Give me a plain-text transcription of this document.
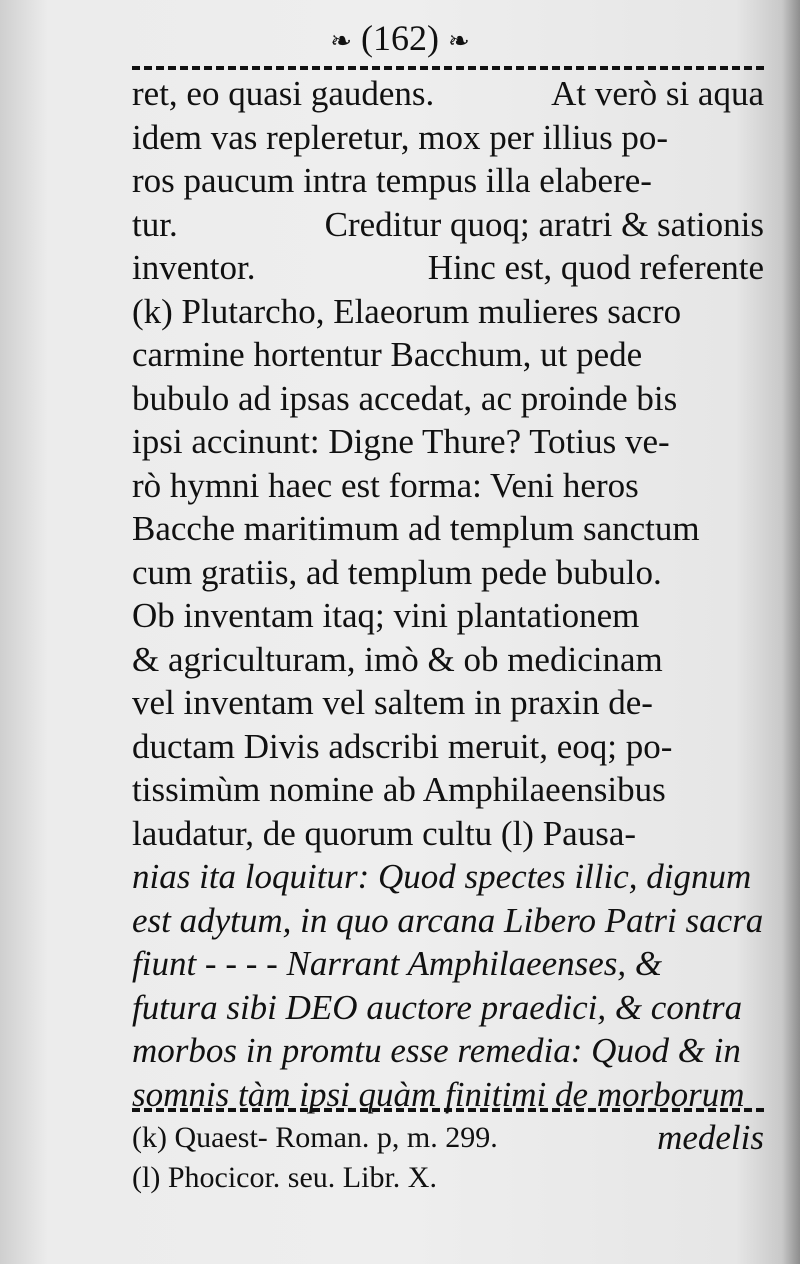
❧ (162) ❧
ret, eo quasi gaudens.	At verò si aqua
idem vas repleretur, mox per illius po-
ros paucum intra tempus illa elabere-
tur.	Creditur quoq; aratri & sationis
inventor.	Hinc est, quod referente
(k) Plutarcho, Elaeorum mulieres sacro
carmine hortentur Bacchum, ut pede
bubulo ad ipsas accedat, ac proinde bis
ipsi accinunt: Digne Thure? Totius ve-
rò hymni haec est forma: Veni heros
Bacche maritimum ad templum sanctum
cum gratiis, ad templum pede bubulo.
Ob inventam itaq; vini plantationem
& agriculturam, imò & ob medicinam
vel inventam vel saltem in praxin de-
ductam Divis adscribi meruit, eoq; po-
tissimùm nomine ab Amphilaeensibus
laudatur, de quorum cultu (l) Pausa-
nias ita loquitur: Quod spectes illic, dignum
est adytum, in quo arcana Libero Patri sacra
fiunt - - - - Narrant Amphilaeenses, &
futura sibi DEO auctore praedici, & contra
morbos in promtu esse remedia: Quod & in
somnis tàm ipsi quàm finitimi de morborum
medelis
(k) Quaest- Roman. p, m. 299.
(l) Phocicor. seu. Libr. X.
